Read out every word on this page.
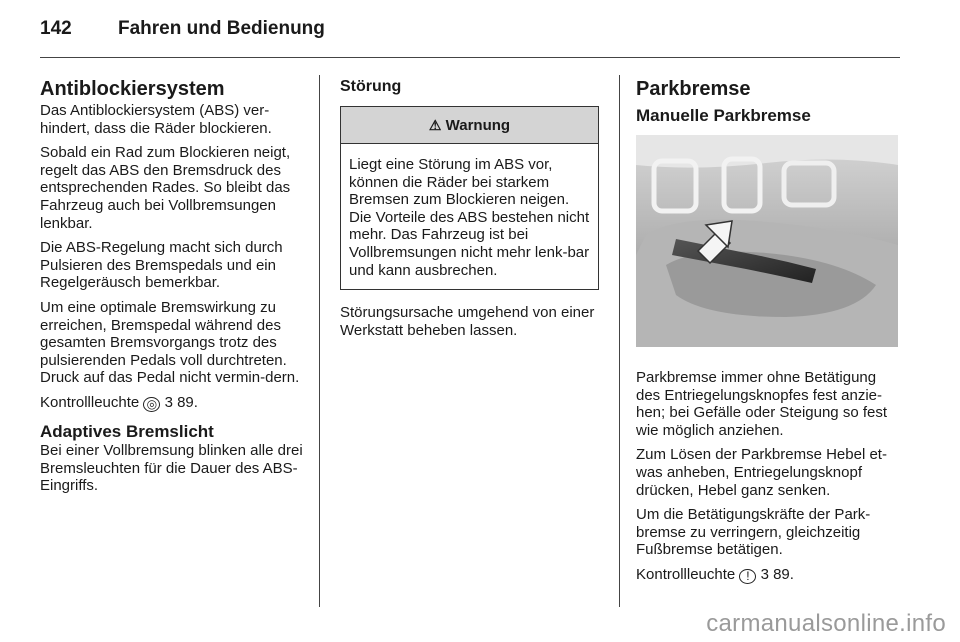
142 Fahren und Bedienung
Antiblockiersystem

Das Antiblockiersystem (ABS) ver-hindert, dass die Räder blockieren.

Sobald ein Rad zum Blockieren neigt, regelt das ABS den Bremsdruck des entsprechenden Rades. So bleibt das Fahrzeug auch bei Vollbremsungen lenkbar.

Die ABS-Regelung macht sich durch Pulsieren des Bremspedals und ein Regelgeräusch bemerkbar.

Um eine optimale Bremswirkung zu erreichen, Bremspedal während des gesamten Bremsvorgangs trotz des pulsierenden Pedals voll durchtreten. Druck auf das Pedal nicht vermin-dern.

Kontrollleuchte ◎ 3 89.

Adaptives Bremslicht

Bei einer Vollbremsung blinken alle drei Bremsleuchten für die Dauer des ABS-Eingriffs.

Störung
⚠ Warnung
Liegt eine Störung im ABS vor, können die Räder bei starkem Bremsen zum Blockieren neigen. Die Vorteile des ABS bestehen nicht mehr. Das Fahrzeug ist bei Vollbremsungen nicht mehr lenk-bar und kann ausbrechen.

Störungsursache umgehend von einer Werkstatt beheben lassen.

Parkbremse
Manuelle Parkbremse

Parkbremse immer ohne Betätigung des Entriegelungsknopfes fest anzie-hen; bei Gefälle oder Steigung so fest wie möglich anziehen.

Zum Lösen der Parkbremse Hebel et-was anheben, Entriegelungsknopf drücken, Hebel ganz senken.

Um die Betätigungskräfte der Park-bremse zu verringern, gleichzeitig Fußbremse betätigen.

Kontrollleuchte ! 3 89.

carmanualsonline.info
